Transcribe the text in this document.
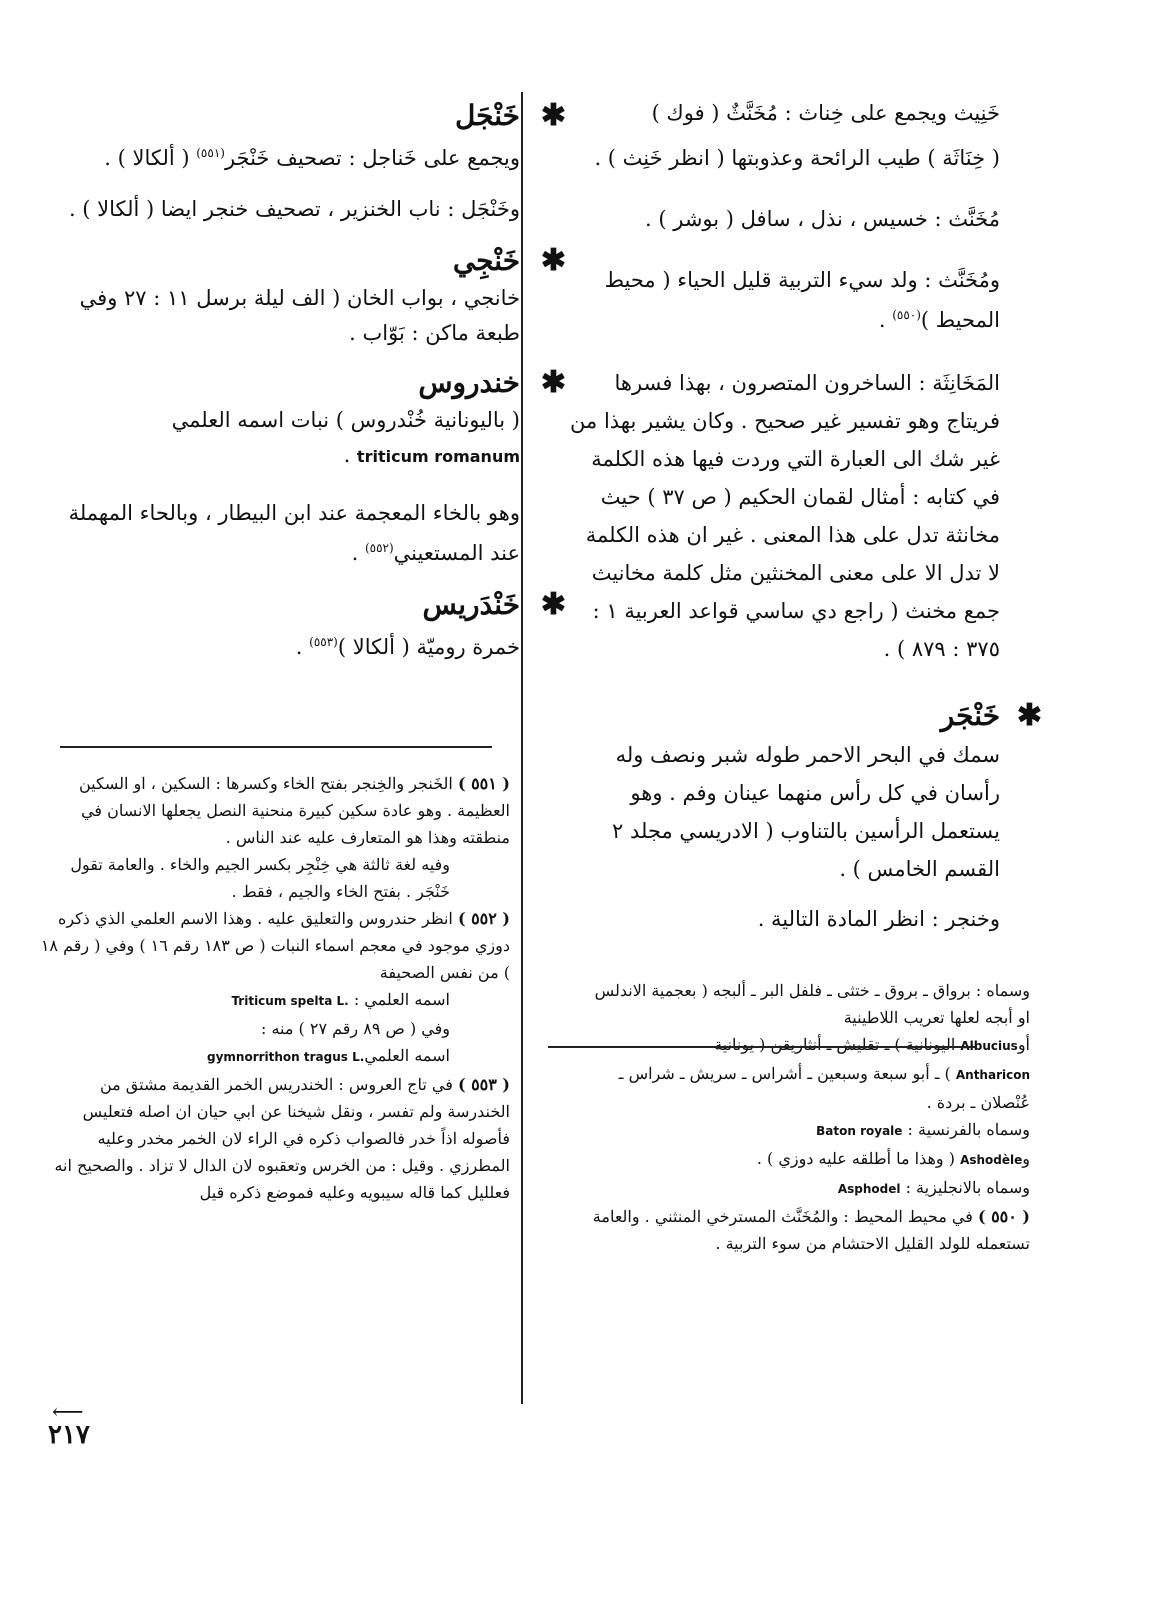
خَنِيث ويجمع على خِناث : مُخَنَّثٌ ( فوك )

( خِنَاثَة ) طيب الرائحة وعذوبتها ( انظر خَنِث ) .

مُخَنَّث : خسيس ، نذل ، سافل ( بوشر ) .

ومُخَنَّث : ولد سيء التربية قليل الحياء ( محيط المحيط )$^{(٥٥٠)}$ .

المَخَانِثَة : الساخرون المتصرون ، بهذا فسرها فريتاج وهو تفسير غير صحيح . وكان يشير بهذا من غير شك الى العبارة التي وردت فيها هذه الكلمة في كتابه : أمثال لقمان الحكيم ( ص ٣٧ ) حيث مخانثة تدل على هذا المعنى . غير ان هذه الكلمة لا تدل الا على معنى المخنثين مثل كلمة مخانيث جمع مخنث ( راجع دي ساسي قواعد العربية ١ : ٣٧٥ : ٨٧٩ ) .

✱
خَنْجَر

سمك في البحر الاحمر طوله شبر ونصف وله رأسان في كل رأس منهما عينان وفم . وهو يستعمل الرأسين بالتناوب ( الادريسي مجلد ٢ القسم الخامس ) .

وخنجر : انظر المادة التالية .

وسماه : برواق ـ بروق ـ ختثى ـ فلفل البر ـ ألبجه ( بعجمية الاندلس او أبجه لعلها تعريب اللاطينية

أوAlbucius اليونانية ) ـ تقليش ـ أنثاريقن ( يونانية

Antharicon ) ـ أبو سبعة وسبعين ـ أشراس ـ سريش ـ شراس ـ عُنْصلان ـ بردة .

وسماه بالفرنسية : Baton royale

وAshodèle ( وهذا ما أطلقه عليه دوزي ) .

وسماه بالانجليزية : Asphodel

( ٥٥٠ ) في محيط المحيط : والمُخَنَّث المسترخي المنثني . والعامة تستعمله للولد القليل الاحتشام من سوء التربية .

✱
خَنْجَل

ويجمع على خَناجل : تصحيف خَنْجَر$^{(٥٥١)}$ ( ألكالا ) .

وخَنْجَل : ناب الخنزير ، تصحيف خنجر ايضا ( ألكالا ) .

✱
خَنْجِي

خانجي ، بواب الخان ( الف ليلة برسل ١١ : ٢٧ وفي طبعة ماكن : بَوّاب .

✱
خندروس

( باليونانية خُنْدروس ) نبات اسمه العلمي

triticum romanum .

وهو بالخاء المعجمة عند ابن البيطار ، وبالحاء المهملة عند المستعيني$^{(٥٥٢)}$ .

✱
خَنْدَريس

خمرة روميّة ( ألكالا )$^{(٥٥٣)}$ .

( ٥٥١ ) الخَنجر والخِنجر بفتح الخاء وكسرها : السكين ، او السكين العظيمة . وهو عادة سكين كبيرة منحنية النصل يجعلها الانسان في منطقته وهذا هو المتعارف عليه عند الناس .

وفيه لغة ثالثة هي خِنْجِر بكسر الجيم والخاء . والعامة تقول خَنْجَر . بفتح الخاء والجيم ، فقط .

( ٥٥٢ ) انظر حندروس والتعليق عليه . وهذا الاسم العلمي الذي ذكره دوزي موجود في معجم اسماء النبات ( ص ١٨٣ رقم ١٦ ) وفي ( رقم ١٨ ) من نفس الصحيفة

اسمه العلمي : Triticum spelta L.

وفي ( ص ٨٩ رقم ٢٧ ) منه :

اسمه العلميgymnorrithon tragus L.

( ٥٥٣ ) في تاج العروس : الخندريس الخمر القديمة مشتق من الخندرسة ولم تفسر ، ونقل شيخنا عن ابي حيان ان اصله فتعليس فأصوله اذاً خدر فالصواب ذكره في الراء لان الخمر مخدر وعليه المطرزي . وقيل : من الخرس وتعقبوه لان الدال لا تزاد . والصحيح انه فعلليل كما قاله سيبويه وعليه فموضع ذكره قيل

⟵
٢١٧
